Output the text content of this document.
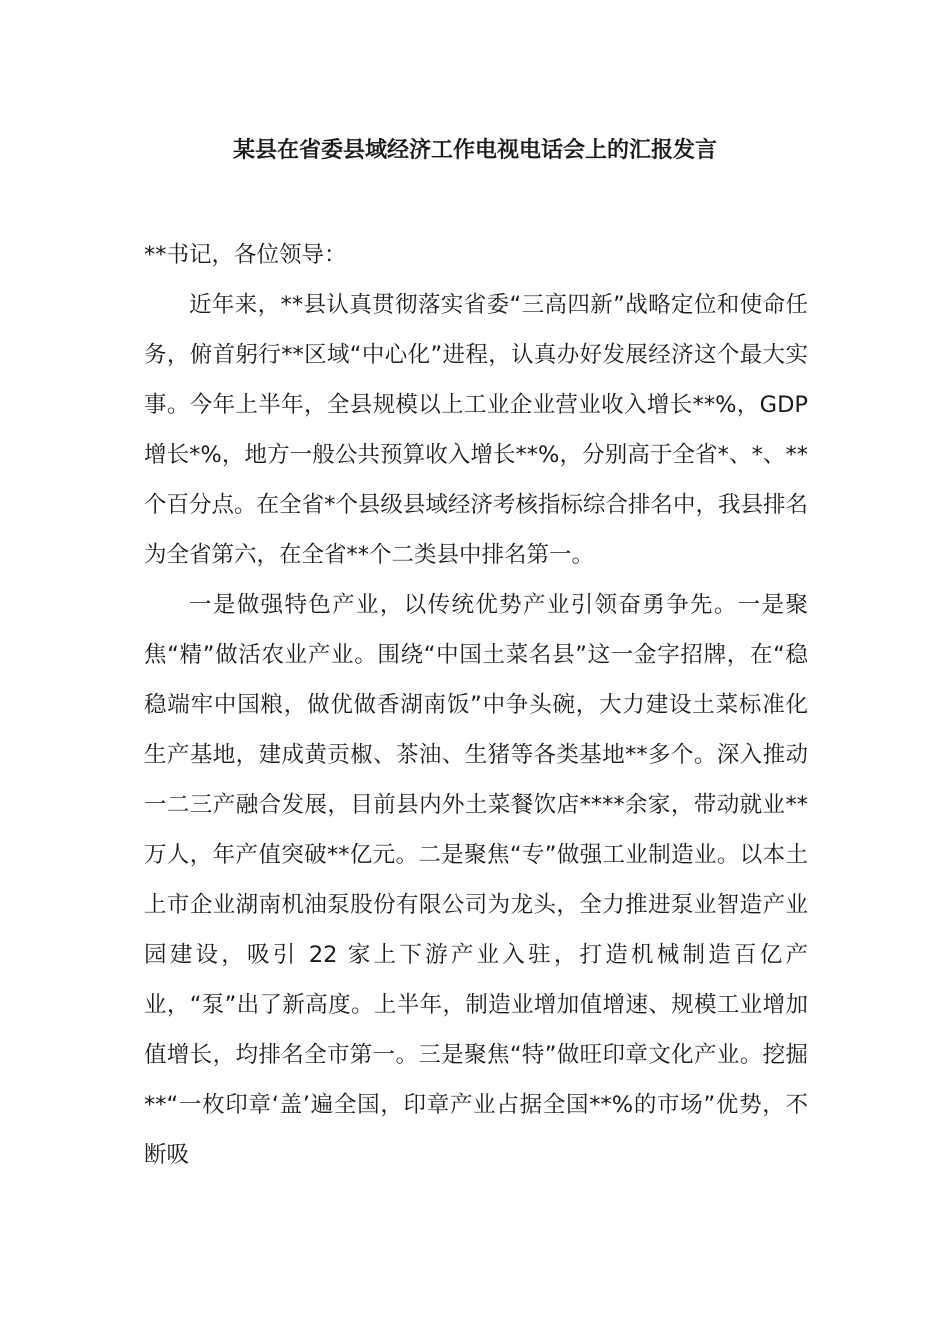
某县在省委县域经济工作电视电话会上的汇报发言

**书记，各位领导：

近年来，**县认真贯彻落实省委“三高四新”战略定位和使命任务，俯首躬行**区域“中心化”进程，认真办好发展经济这个最大实事。今年上半年，全县规模以上工业企业营业收入增长**%，GDP 增长*%，地方一般公共预算收入增长**%，分别高于全省*、*、**个百分点。在全省*个县级县域经济考核指标综合排名中，我县排名为全省第六，在全省**个二类县中排名第一。

一是做强特色产业，以传统优势产业引领奋勇争先。一是聚焦“精”做活农业产业。围绕“中国土菜名县”这一金字招牌，在“稳稳端牢中国粮，做优做香湖南饭”中争头碗，大力建设土菜标准化生产基地，建成黄贡椒、茶油、生猪等各类基地**多个。深入推动一二三产融合发展，目前县内外土菜餐饮店****余家，带动就业**万人，年产值突破**亿元。二是聚焦“专”做强工业制造业。以本土上市企业湖南机油泵股份有限公司为龙头，全力推进泵业智造产业园建设，吸引 22 家上下游产业入驻，打造机械制造百亿产业，“泵”出了新高度。上半年，制造业增加值增速、规模工业增加值增长，均排名全市第一。三是聚焦“特”做旺印章文化产业。挖掘**“一枚印章‘盖’遍全国，印章产业占据全国**%的市场”优势，不断吸
